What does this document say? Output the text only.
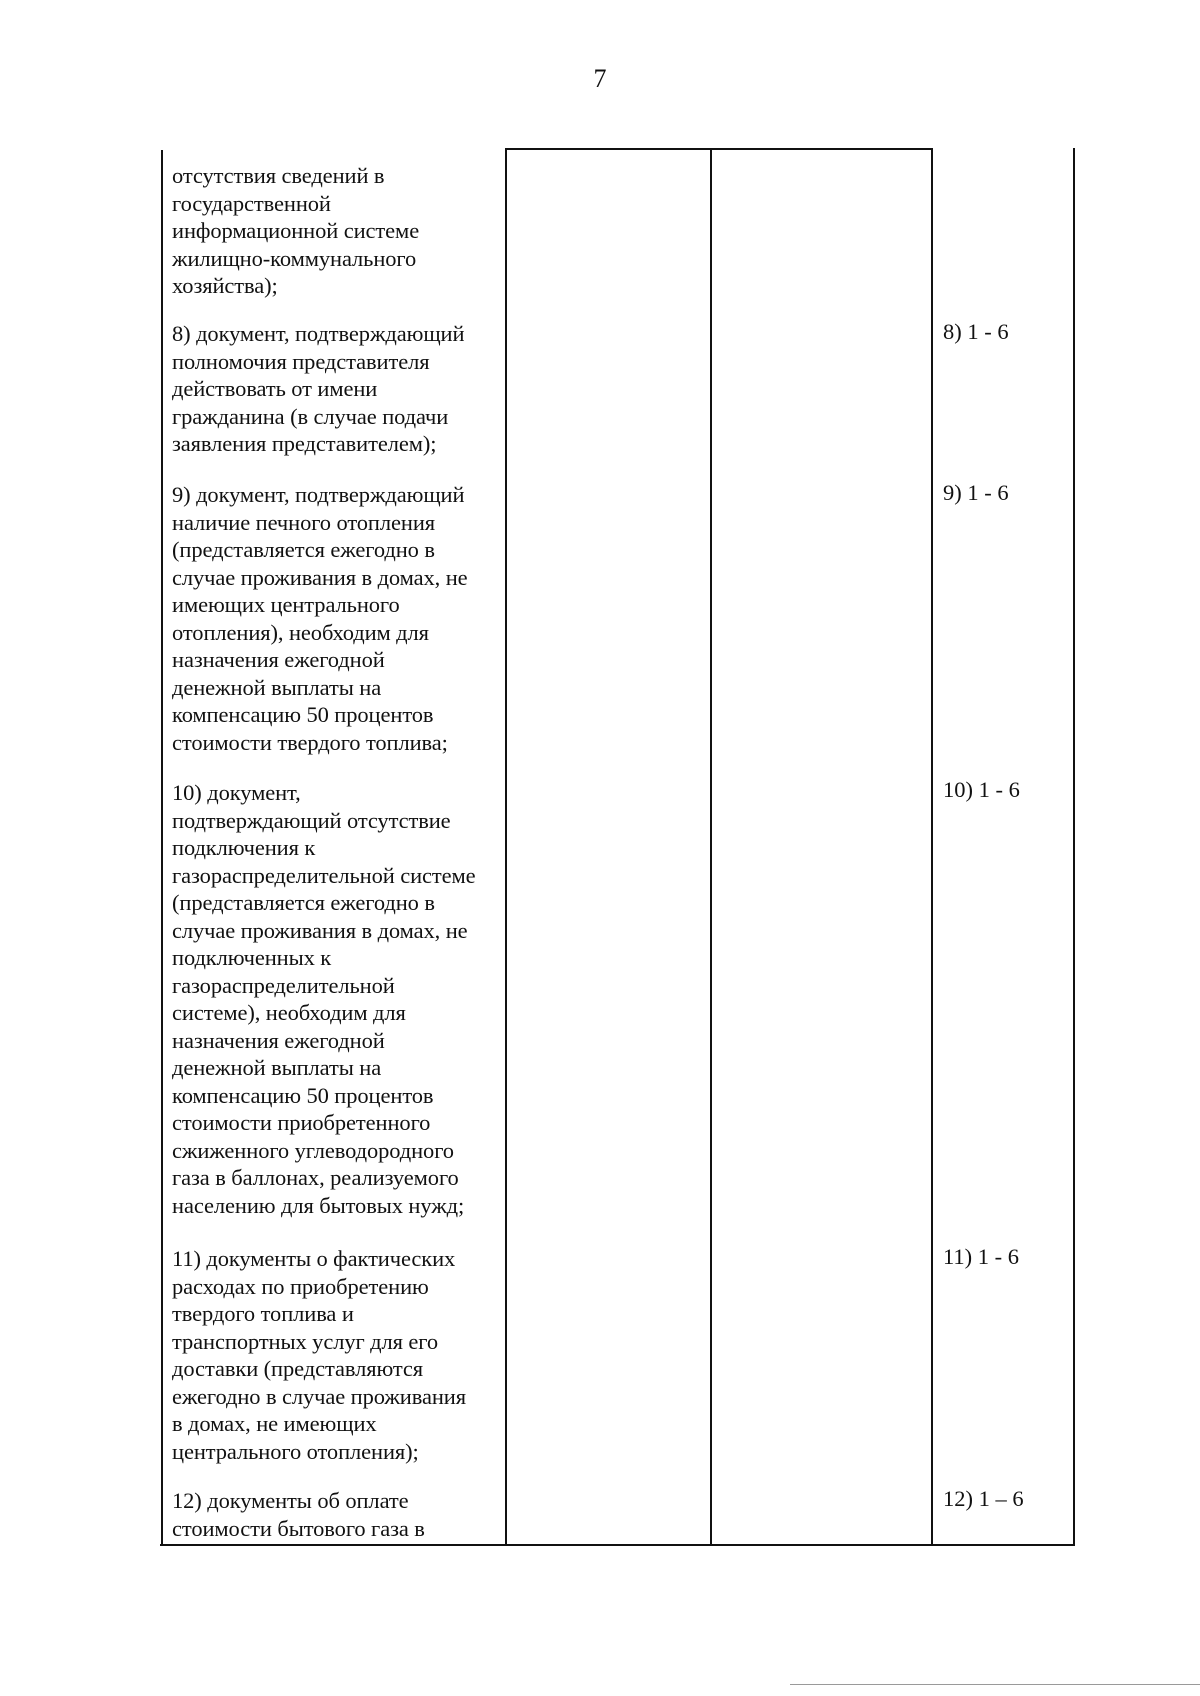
7
отсутствия сведений в
государственной
информационной системе
жилищно-коммунального
хозяйства);
8) документ, подтверждающий
полномочия представителя
действовать от имени
гражданина (в случае подачи
заявления представителем);
8) 1 - 6
9) документ, подтверждающий
наличие печного отопления
(представляется ежегодно в
случае проживания в домах, не
имеющих центрального
отопления), необходим для
назначения ежегодной
денежной выплаты на
компенсацию 50 процентов
стоимости твердого топлива;
9) 1 - 6
10) документ,
подтверждающий отсутствие
подключения к
газораспределительной системе
(представляется ежегодно в
случае проживания в домах, не
подключенных к
газораспределительной
системе), необходим для
назначения ежегодной
денежной выплаты на
компенсацию 50 процентов
стоимости приобретенного
сжиженного углеводородного
газа в баллонах, реализуемого
населению для бытовых нужд;
10) 1 - 6
11) документы о фактических
расходах по приобретению
твердого топлива и
транспортных услуг для его
доставки (представляются
ежегодно в случае проживания
в домах, не имеющих
центрального отопления);
11) 1 - 6
12) документы об оплате
стоимости бытового газа в
12) 1 – 6
